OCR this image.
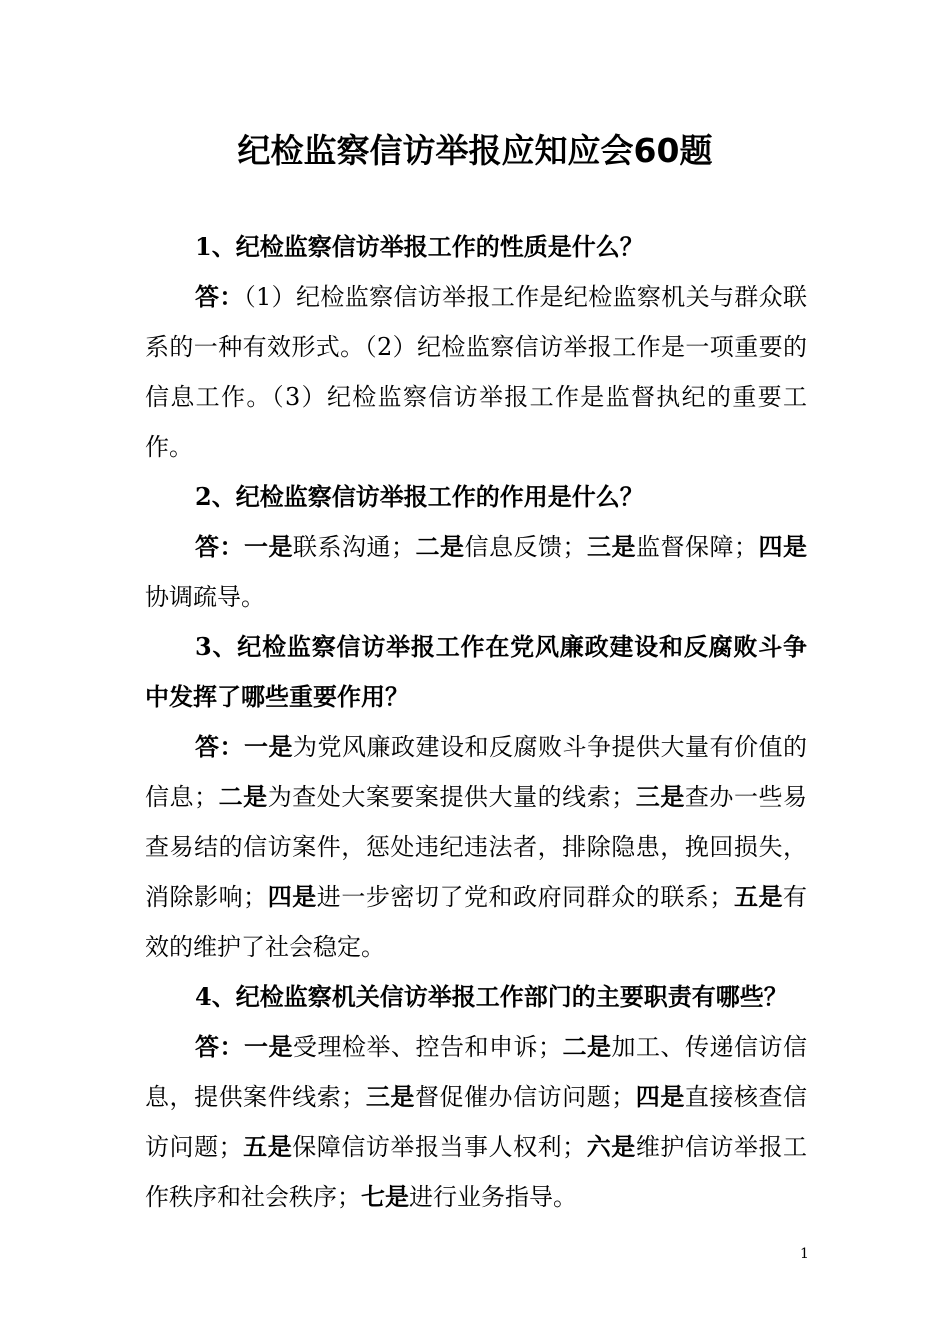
纪检监察信访举报应知应会60题
1、纪检监察信访举报工作的性质是什么？
答：（1）纪检监察信访举报工作是纪检监察机关与群众联系的一种有效形式。（2）纪检监察信访举报工作是一项重要的信息工作。（3）纪检监察信访举报工作是监督执纪的重要工作。
2、纪检监察信访举报工作的作用是什么？
答：一是联系沟通；二是信息反馈；三是监督保障；四是协调疏导。
3、纪检监察信访举报工作在党风廉政建设和反腐败斗争中发挥了哪些重要作用？
答：一是为党风廉政建设和反腐败斗争提供大量有价值的信息；二是为查处大案要案提供大量的线索；三是查办一些易查易结的信访案件，惩处违纪违法者，排除隐患，挽回损失，消除影响；四是进一步密切了党和政府同群众的联系；五是有效的维护了社会稳定。
4、纪检监察机关信访举报工作部门的主要职责有哪些？
答：一是受理检举、控告和申诉；二是加工、传递信访信息，提供案件线索；三是督促催办信访问题；四是直接核查信访问题；五是保障信访举报当事人权利；六是维护信访举报工作秩序和社会秩序；七是进行业务指导。
1
